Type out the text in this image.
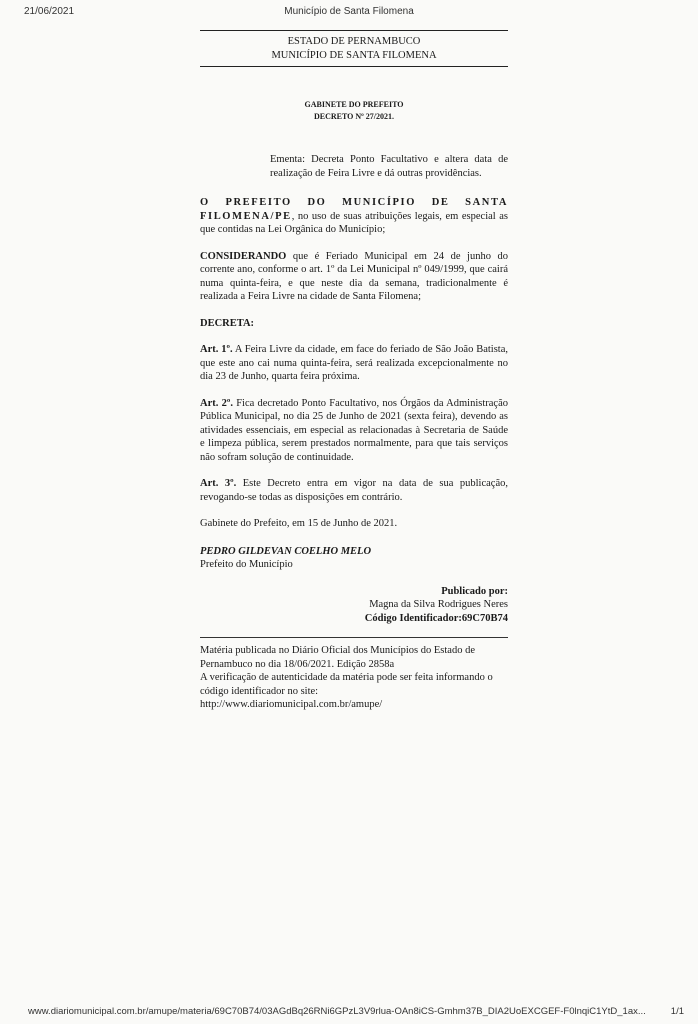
21/06/2021	Município de Santa Filomena
ESTADO DE PERNAMBUCO
MUNICÍPIO DE SANTA FILOMENA
GABINETE DO PREFEITO
DECRETO Nº 27/2021.
Ementa: Decreta Ponto Facultativo e altera data de realização de Feira Livre e dá outras providências.
O PREFEITO DO MUNICÍPIO DE SANTA FILOMENA/PE, no uso de suas atribuições legais, em especial as que contidas na Lei Orgânica do Município;
CONSIDERANDO que é Feriado Municipal em 24 de junho do corrente ano, conforme o art. 1º da Lei Municipal nº 049/1999, que cairá numa quinta-feira, e que neste dia da semana, tradicionalmente é realizada a Feira Livre na cidade de Santa Filomena;
DECRETA:
Art. 1º. A Feira Livre da cidade, em face do feriado de São João Batista, que este ano cai numa quinta-feira, será realizada excepcionalmente no dia 23 de Junho, quarta feira próxima.
Art. 2º. Fica decretado Ponto Facultativo, nos Órgãos da Administração Pública Municipal, no dia 25 de Junho de 2021 (sexta feira), devendo as atividades essenciais, em especial as relacionadas à Secretaria de Saúde e limpeza pública, serem prestados normalmente, para que tais serviços não sofram solução de continuidade.
Art. 3º. Este Decreto entra em vigor na data de sua publicação, revogando-se todas as disposições em contrário.
Gabinete do Prefeito, em 15 de Junho de 2021.
PEDRO GILDEVAN COELHO MELO
Prefeito do Município
Publicado por:
Magna da Silva Rodrigues Neres
Código Identificador:69C70B74
Matéria publicada no Diário Oficial dos Municípios do Estado de Pernambuco no dia 18/06/2021. Edição 2858a
A verificação de autenticidade da matéria pode ser feita informando o código identificador no site:
http://www.diariomunicipal.com.br/amupe/
www.diariomunicipal.com.br/amupe/materia/69C70B74/03AGdBq26RNi6GPzL3V9rlua-OAn8iCS-Gmhm37B_DIA2UoEXCGEF-F0lnqiC1YtD_1ax...	1/1
